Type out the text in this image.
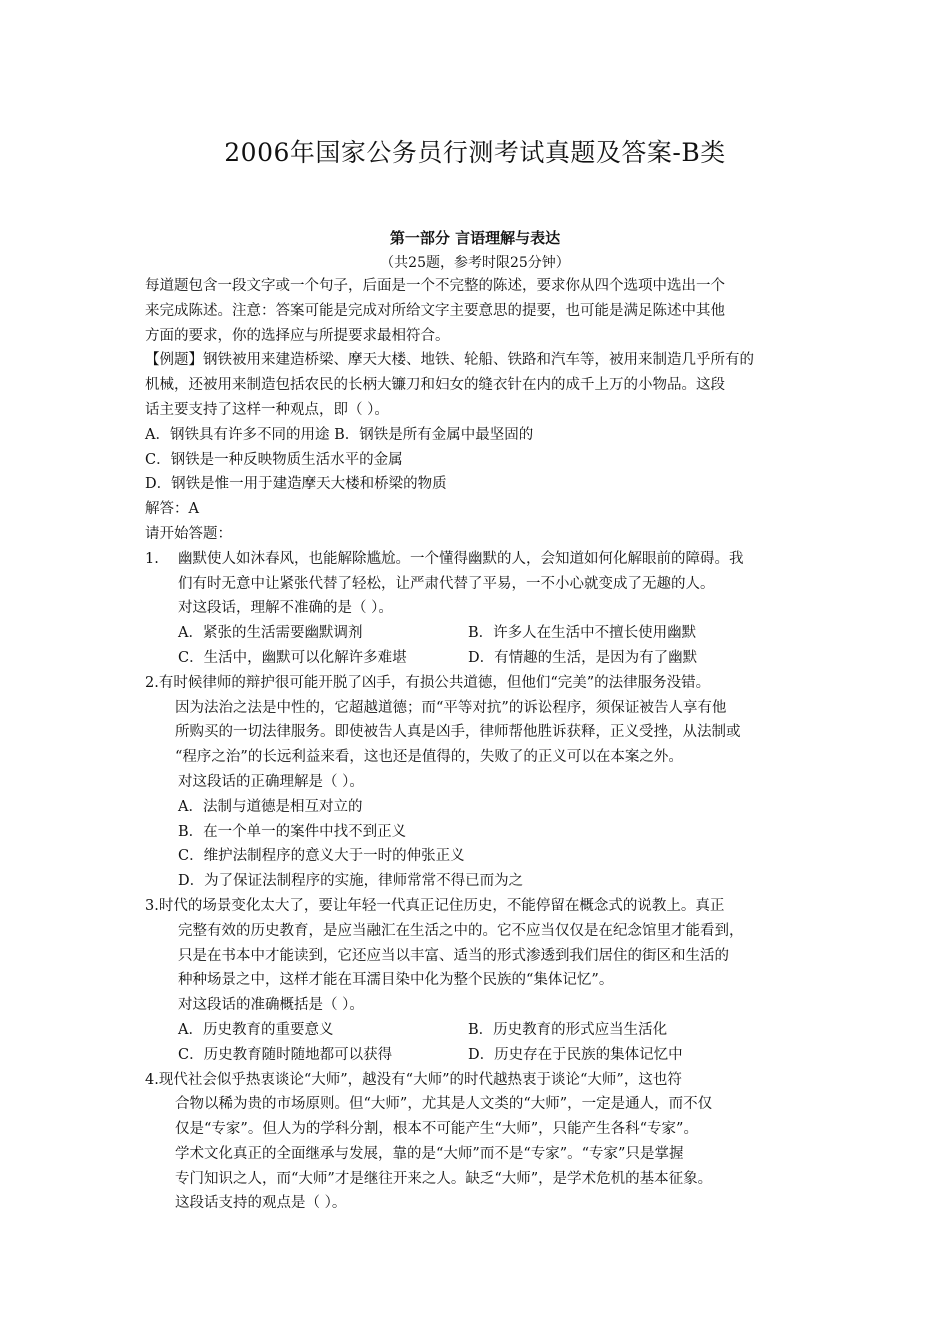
2006年国家公务员行测考试真题及答案-B类
第一部分 言语理解与表达
（共25题，参考时限25分钟）
每道题包含一段文字或一个句子，后面是一个不完整的陈述，要求你从四个选项中选出一个
来完成陈述。注意：答案可能是完成对所给文字主要意思的提要，也可能是满足陈述中其他
方面的要求，你的选择应与所提要求最相符合。
【例题】钢铁被用来建造桥梁、摩天大楼、地铁、轮船、铁路和汽车等，被用来制造几乎所有的
机械，还被用来制造包括农民的长柄大镰刀和妇女的缝衣针在内的成千上万的小物品。这段
话主要支持了这样一种观点，即（ ）。
A．钢铁具有许多不同的用途 B．钢铁是所有金属中最坚固的
C．钢铁是一种反映物质生活水平的金属
D．钢铁是惟一用于建造摩天大楼和桥梁的物质
解答：A
请开始答题：
1. 幽默使人如沐春风，也能解除尴尬。一个懂得幽默的人，会知道如何化解眼前的障碍。我
们有时无意中让紧张代替了轻松，让严肃代替了平易，一不小心就变成了无趣的人。
对这段话，理解不准确的是（ ）。
A．紧张的生活需要幽默调剂	B．许多人在生活中不擅长使用幽默
C．生活中，幽默可以化解许多难堪	D．有情趣的生活，是因为有了幽默
2.有时候律师的辩护很可能开脱了凶手，有损公共道德，但他们“完美”的法律服务没错。
因为法治之法是中性的，它超越道德；而“平等对抗”的诉讼程序，须保证被告人享有他
所购买的一切法律服务。即使被告人真是凶手，律师帮他胜诉获释，正义受挫，从法制或
“程序之治”的长远利益来看，这也还是值得的，失败了的正义可以在本案之外。
对这段话的正确理解是（ ）。
A．法制与道德是相互对立的
B．在一个单一的案件中找不到正义
C．维护法制程序的意义大于一时的伸张正义
D．为了保证法制程序的实施，律师常常不得已而为之
3.时代的场景变化太大了，要让年轻一代真正记住历史，不能停留在概念式的说教上。真正
完整有效的历史教育，是应当融汇在生活之中的。它不应当仅仅是在纪念馆里才能看到，
只是在书本中才能读到，它还应当以丰富、适当的形式渗透到我们居住的街区和生活的
种种场景之中，这样才能在耳濡目染中化为整个民族的“集体记忆”。
对这段话的准确概括是（ ）。
A．历史教育的重要意义	B．历史教育的形式应当生活化
C．历史教育随时随地都可以获得	D．历史存在于民族的集体记忆中
4.现代社会似乎热衷谈论“大师”，越没有“大师”的时代越热衷于谈论“大师”，这也符
合物以稀为贵的市场原则。但“大师”，尤其是人文类的“大师”，一定是通人，而不仅
仅是“专家”。但人为的学科分割，根本不可能产生“大师”，只能产生各科“专家”。
学术文化真正的全面继承与发展，靠的是“大师”而不是“专家”。“专家”只是掌握
专门知识之人，而“大师”才是继往开来之人。缺乏“大师”，是学术危机的基本征象。
这段话支持的观点是（ ）。
